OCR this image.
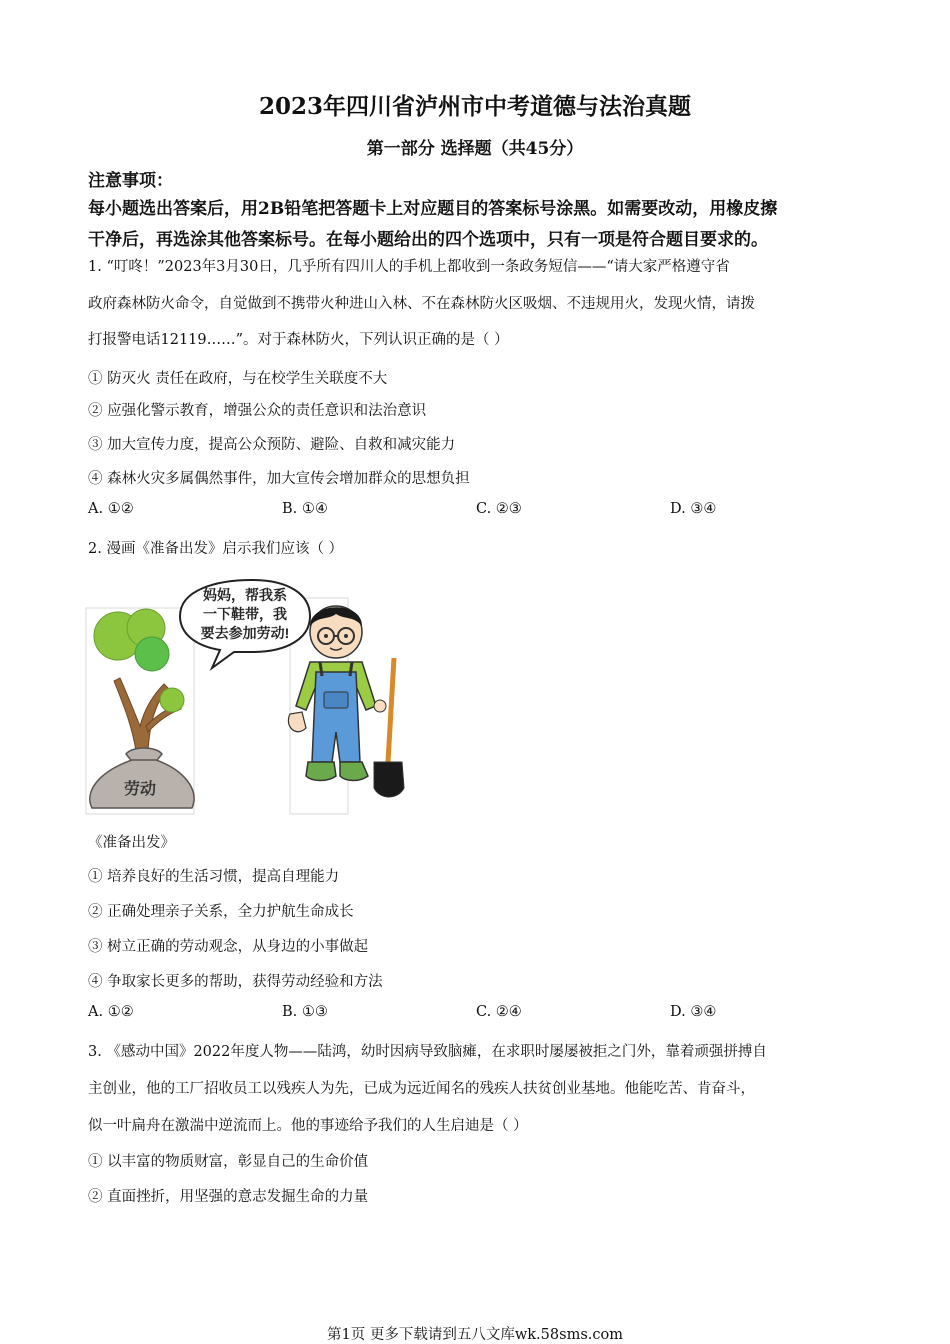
2023年四川省泸州市中考道德与法治真题
第一部分 选择题（共45分）
注意事项：
每小题选出答案后，用2B铅笔把答题卡上对应题目的答案标号涂黑。如需要改动，用橡皮擦
干净后，再选涂其他答案标号。在每小题给出的四个选项中，只有一项是符合题目要求的。
1. “叮咚！”2023年3月30日，几乎所有四川人的手机上都收到一条政务短信——“请大家严格遵守省
政府森林防火命令，自觉做到不携带火种进山入林、不在森林防火区吸烟、不违规用火，发现火情，请拨
打报警电话12119……”。对于森林防火，下列认识正确的是（ ）
① 防灭火 责任在政府，与在校学生关联度不大
② 应强化警示教育，增强公众的责任意识和法治意识
③ 加大宣传力度，提高公众预防、避险、自救和减灾能力
④ 森林火灾多属偶然事件，加大宣传会增加群众的思想负担
A. ①②	B. ①④	C. ②③	D. ③④
2. 漫画《准备出发》启示我们应该（ ）
劳动
妈妈，帮我系
一下鞋带，我
要去参加劳动!
《准备出发》
① 培养良好的生活习惯，提高自理能力
② 正确处理亲子关系，全力护航生命成长
③ 树立正确的劳动观念，从身边的小事做起
④ 争取家长更多的帮助，获得劳动经验和方法
A. ①②	B. ①③	C. ②④	D. ③④
3. 《感动中国》2022年度人物——陆鸿，幼时因病导致脑瘫，在求职时屡屡被拒之门外，靠着顽强拼搏自
主创业，他的工厂招收员工以残疾人为先，已成为远近闻名的残疾人扶贫创业基地。他能吃苦、肯奋斗，
似一叶扁舟在激湍中逆流而上。他的事迹给予我们的人生启迪是（ ）
① 以丰富的物质财富，彰显自己的生命价值
② 直面挫折，用坚强的意志发掘生命的力量
第1页 更多下载请到五八文库wk.58sms.com
